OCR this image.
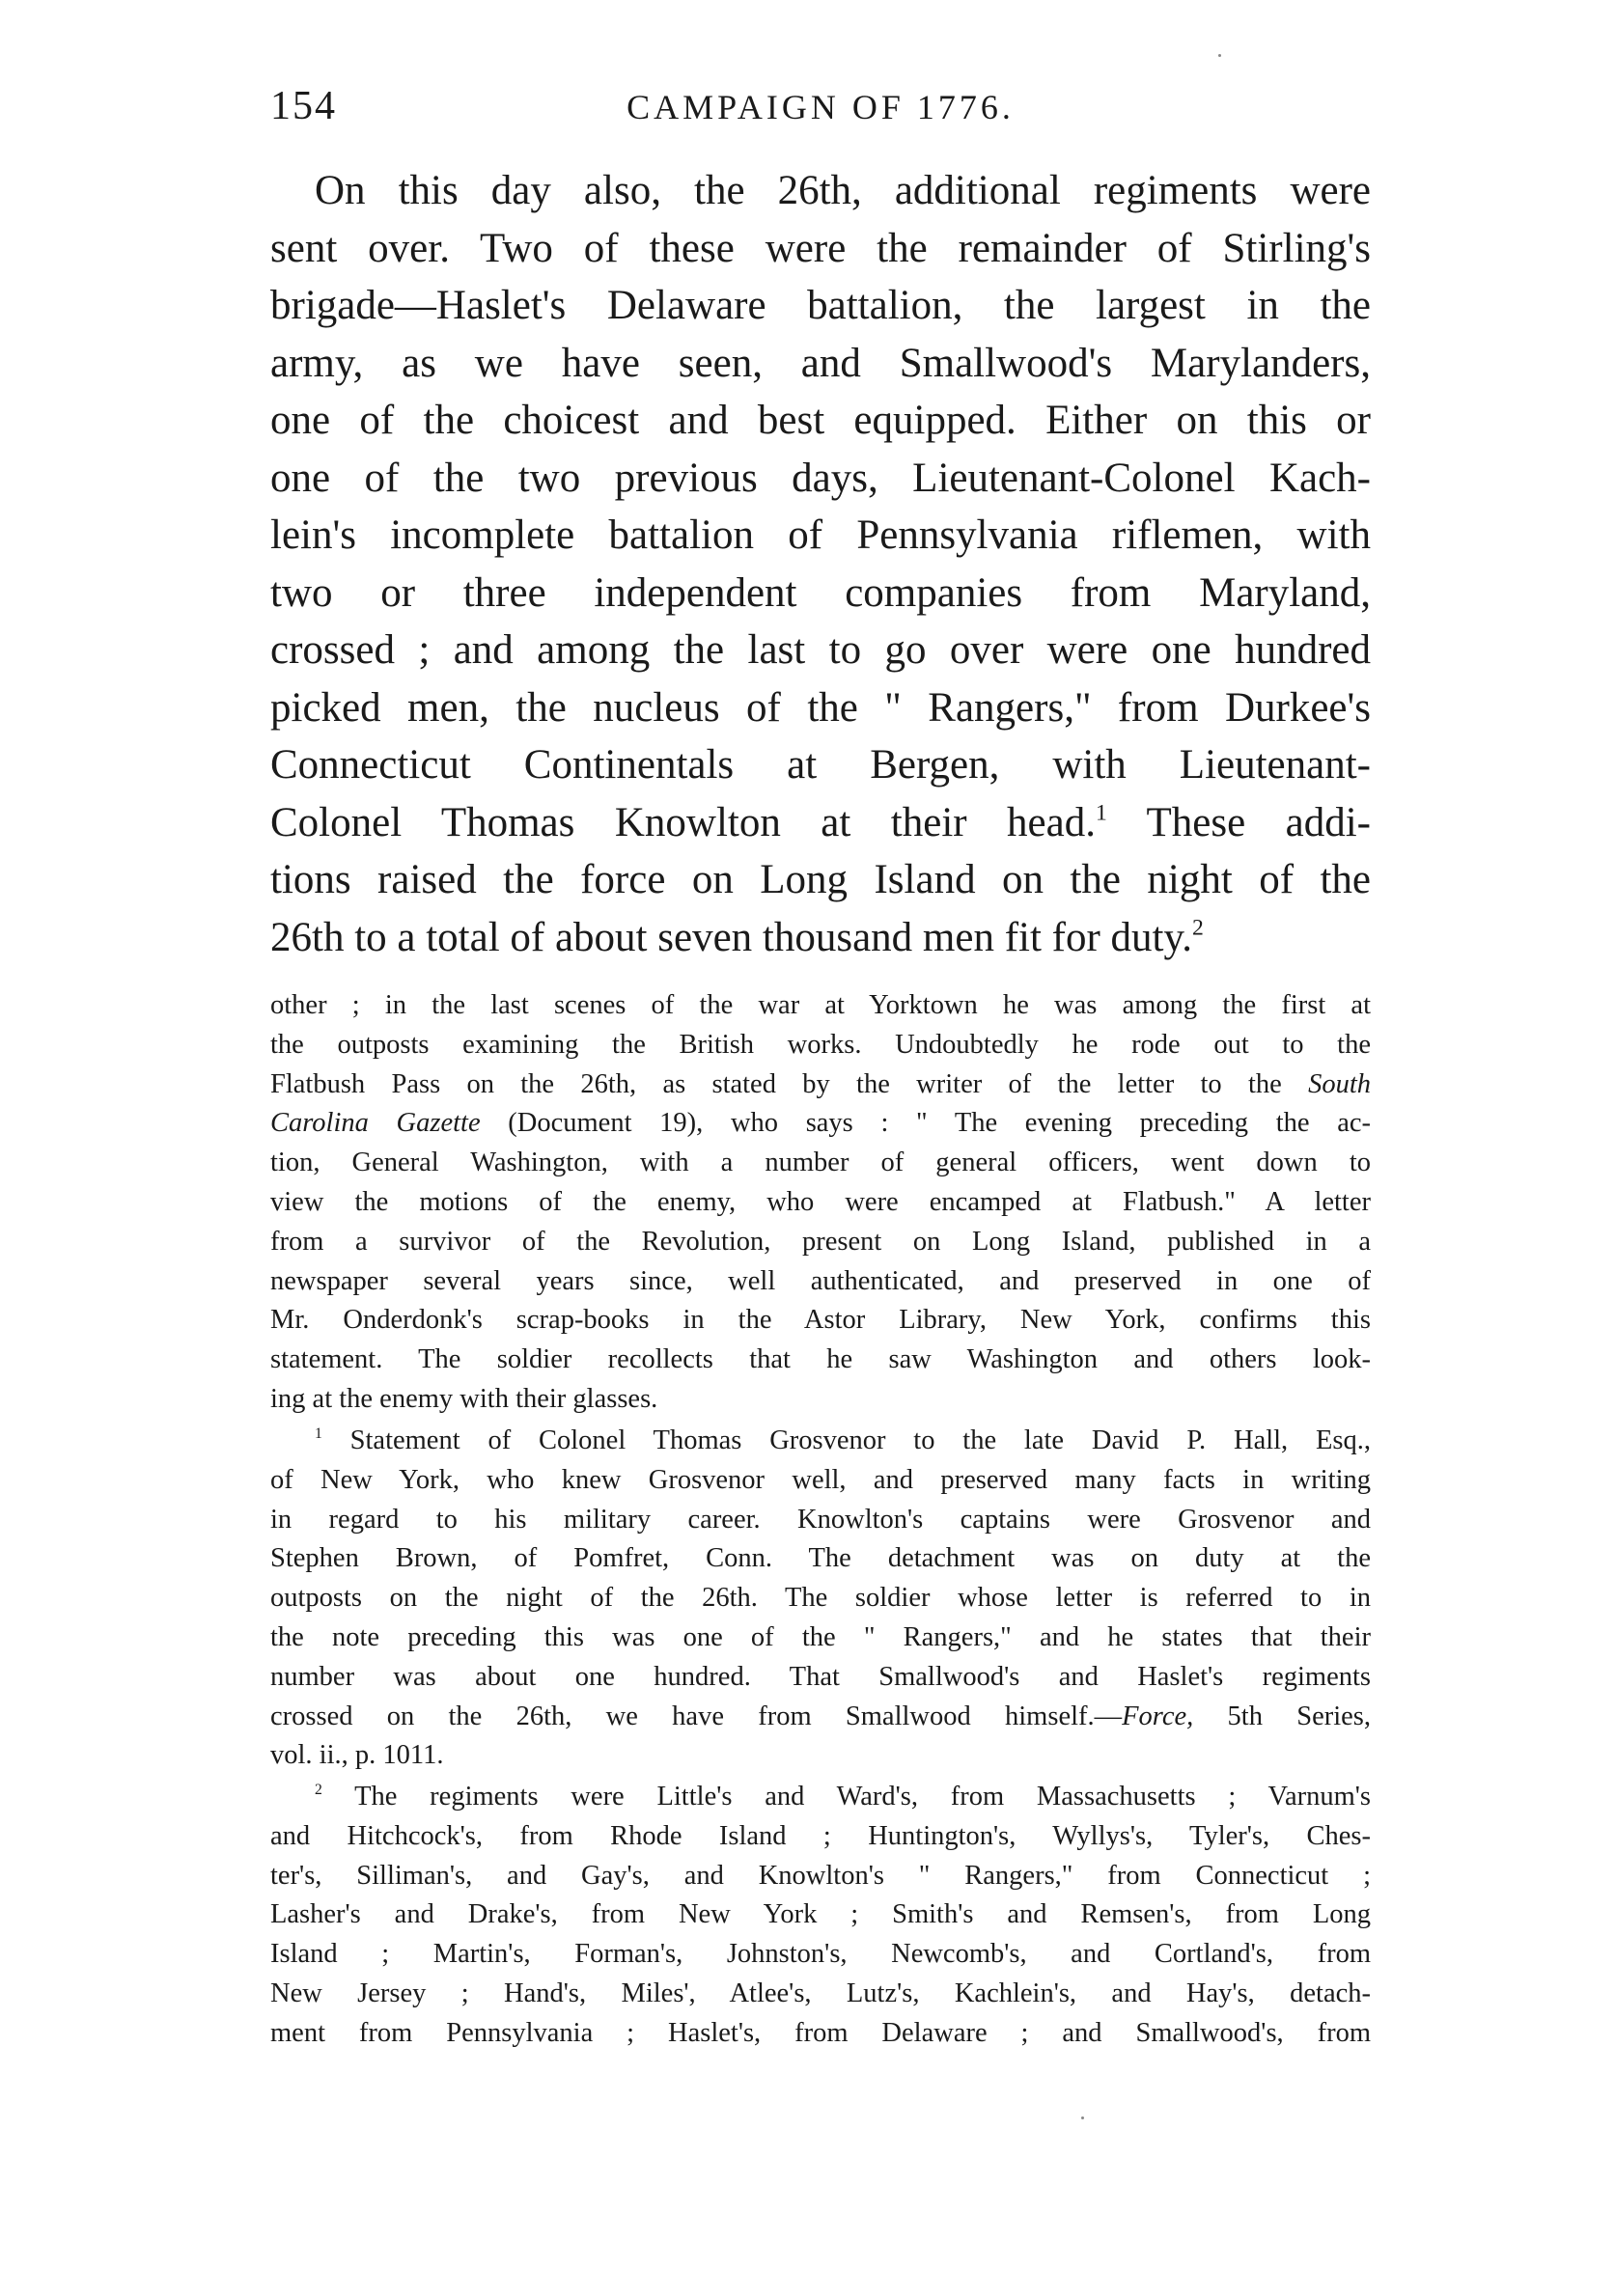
154	CAMPAIGN OF 1776.
On this day also, the 26th, additional regiments were
sent over. Two of these were the remainder of Stirling's
brigade—Haslet's Delaware battalion, the largest in the
army, as we have seen, and Smallwood's Marylanders,
one of the choicest and best equipped. Either on this or
one of the two previous days, Lieutenant-Colonel Kach-
lein's incomplete battalion of Pennsylvania riflemen, with
two or three independent companies from Maryland,
crossed ; and among the last to go over were one hundred
picked men, the nucleus of the " Rangers," from Durkee's
Connecticut Continentals at Bergen, with Lieutenant-
Colonel Thomas Knowlton at their head.$^1$ These addi-
tions raised the force on Long Island on the night of the
26th to a total of about seven thousand men fit for duty.$^2$
other ; in the last scenes of the war at Yorktown he was among the first at
the outposts examining the British works. Undoubtedly he rode out to the
Flatbush Pass on the 26th, as stated by the writer of the letter to the South
Carolina Gazette (Document 19), who says : " The evening preceding the ac-
tion, General Washington, with a number of general officers, went down to
view the motions of the enemy, who were encamped at Flatbush." A letter
from a survivor of the Revolution, present on Long Island, published in a
newspaper several years since, well authenticated, and preserved in one of
Mr. Onderdonk's scrap-books in the Astor Library, New York, confirms this
statement. The soldier recollects that he saw Washington and others look-
ing at the enemy with their glasses.
$^1$ Statement of Colonel Thomas Grosvenor to the late David P. Hall, Esq.,
of New York, who knew Grosvenor well, and preserved many facts in writing
in regard to his military career. Knowlton's captains were Grosvenor and
Stephen Brown, of Pomfret, Conn. The detachment was on duty at the
outposts on the night of the 26th. The soldier whose letter is referred to in
the note preceding this was one of the " Rangers," and he states that their
number was about one hundred. That Smallwood's and Haslet's regiments
crossed on the 26th, we have from Smallwood himself.—Force, 5th Series,
vol. ii., p. 1011.
$^2$ The regiments were Little's and Ward's, from Massachusetts ; Varnum's
and Hitchcock's, from Rhode Island ; Huntington's, Wyllys's, Tyler's, Ches-
ter's, Silliman's, and Gay's, and Knowlton's " Rangers," from Connecticut ;
Lasher's and Drake's, from New York ; Smith's and Remsen's, from Long
Island ; Martin's, Forman's, Johnston's, Newcomb's, and Cortland's, from
New Jersey ; Hand's, Miles', Atlee's, Lutz's, Kachlein's, and Hay's, detach-
ment from Pennsylvania ; Haslet's, from Delaware ; and Smallwood's, from
